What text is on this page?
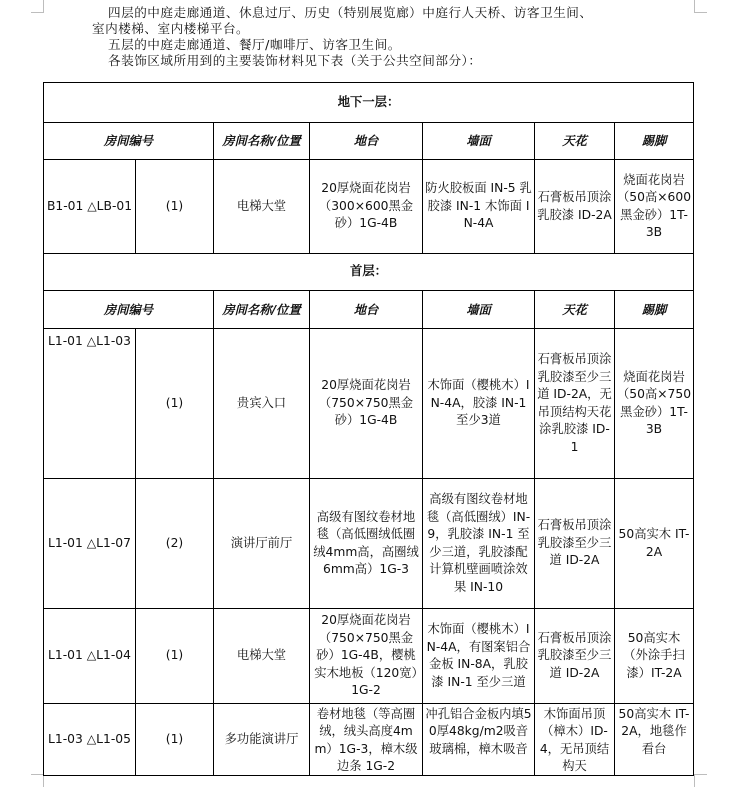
四层的中庭走廊通道、休息过厅、历史（特别展览廊）中庭行人天桥、访客卫生间、

室内楼梯、室内楼梯平台。

五层的中庭走廊通道、餐厅/咖啡厅、访客卫生间。

各装饰区域所用到的主要装饰材料见下表（关于公共空间部分）：

地下一层：						
房间编号		房间名称/位置	地台	墙面	天花	踢脚
B1-01 △LB-01	(1)	电梯大堂	20厚烧面花岗岩（300×600黑金砂）1G-4B	防火胶板面 IN-5 乳胶漆 IN-1 木饰面 IN-4A	石膏板吊顶涂乳胶漆 ID-2A	烧面花岗岩（50高×600黑金砂）1T-3B
首层：						
房间编号		房间名称/位置	地台	墙面	天花	踢脚
L1-01 △L1-03	(1)	贵宾入口	20厚烧面花岗岩（750×750黑金砂）1G-4B	木饰面（樱桃木）IN-4A，胶漆 IN-1 至少3道	石膏板吊顶涂乳胶漆至少三道 ID-2A，无吊顶结构天花涂乳胶漆 ID-1	烧面花岗岩（50高×750黑金砂）1T-3B
L1-01 △L1-07	(2)	演讲厅前厅	高级有图纹卷材地毯（高低圈绒低圈绒4mm高，高圈绒6mm高）1G-3	高级有图纹卷材地毯（高低圈绒）IN-9，乳胶漆 IN-1 至少三道，乳胶漆配计算机壁画喷涂效果 IN-10	石膏板吊顶涂乳胶漆至少三道 ID-2A	50高实木 IT-2A
L1-01 △L1-04	(1)	电梯大堂	20厚烧面花岗岩（750×750黑金砂）1G-4B，樱桃实木地板（120宽）1G-2	木饰面（樱桃木）IN-4A，有图案铝合金板 IN-8A，乳胶漆 IN-1 至少三道	石膏板吊顶涂乳胶漆至少三道 ID-2A	50高实木（外涂手扫漆）IT-2A
L1-03 △L1-05	(1)	多功能演讲厅	卷材地毯（等高圈绒，绒头高度4mm）1G-3，樟木级边条 1G-2	冲孔铝合金板内填50厚48kg/m2吸音玻璃棉，樟木吸音	木饰面吊顶（樟木）ID-4，无吊顶结构天	50高实木 IT-2A，地毯作看台
